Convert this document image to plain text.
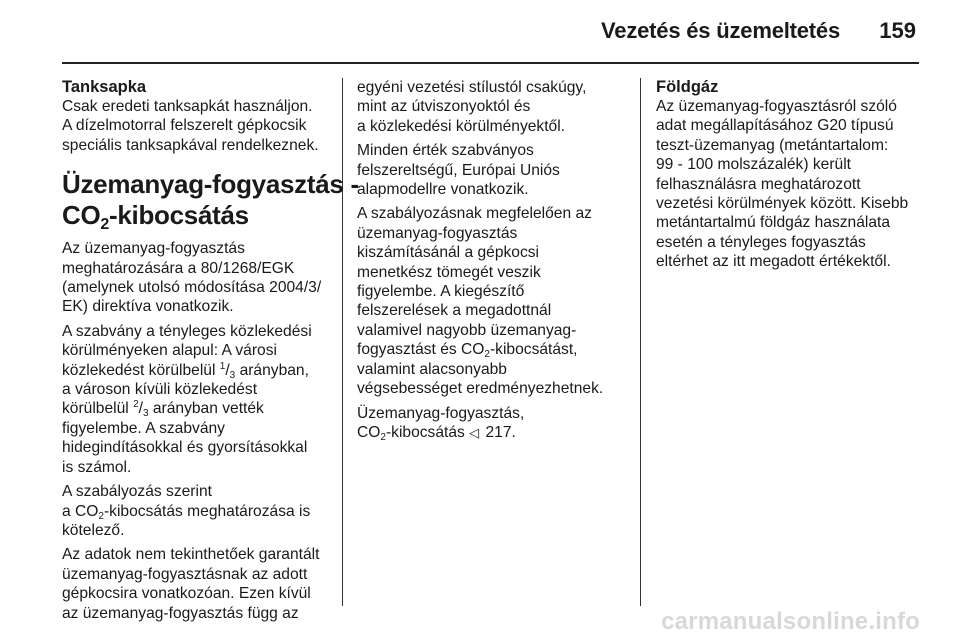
Vezetés és üzemeltetés	159
Tanksapka

Csak eredeti tanksapkát használjon.
A dízelmotorral felszerelt gépkocsik
speciális tanksapkával rendelkeznek.

Üzemanyag-fogyasztás -
$CO_2$-kibocsátás

Az üzemanyag-fogyasztás
meghatározására a 80/1268/EGK
(amelynek utolsó módosítása 2004/3/
EK) direktíva vonatkozik.

A szabvány a tényleges közlekedési
körülményeken alapul: A városi
közlekedést körülbelül $^1/_3$ arányban,
a városon kívüli közlekedést
körülbelül $^2/_3$ arányban vették
figyelembe. A szabvány
hidegindításokkal és gyorsításokkal
is számol.

A szabályozás szerint
a $CO_2$-kibocsátás meghatározása is
kötelező.

Az adatok nem tekinthetőek garantált
üzemanyag-fogyasztásnak az adott
gépkocsira vonatkozóan. Ezen kívül
az üzemanyag-fogyasztás függ az

egyéni vezetési stílustól csakúgy,
mint az útviszonyoktól és
a közlekedési körülményektől.

Minden érték szabványos
felszereltségű, Európai Uniós
alapmodellre vonatkozik.

A szabályozásnak megfelelően az
üzemanyag-fogyasztás
kiszámításánál a gépkocsi
menetkész tömegét veszik
figyelembe. A kiegészítő
felszerelések a megadottnál
valamivel nagyobb üzemanyag-
fogyasztást és $CO_2$-kibocsátást,
valamint alacsonyabb
végsebességet eredményezhetnek.

Üzemanyag-fogyasztás,
$CO_2$-kibocsátás ◁ 217.

Földgáz

Az üzemanyag-fogyasztásról szóló
adat megállapításához G20 típusú
teszt-üzemanyag (metántartalom:
99 - 100 molszázalék) került
felhasználásra meghatározott
vezetési körülmények között. Kisebb
metántartalmú földgáz használata
esetén a tényleges fogyasztás
eltérhet az itt megadott értékektől.

carmanualsonline.info
